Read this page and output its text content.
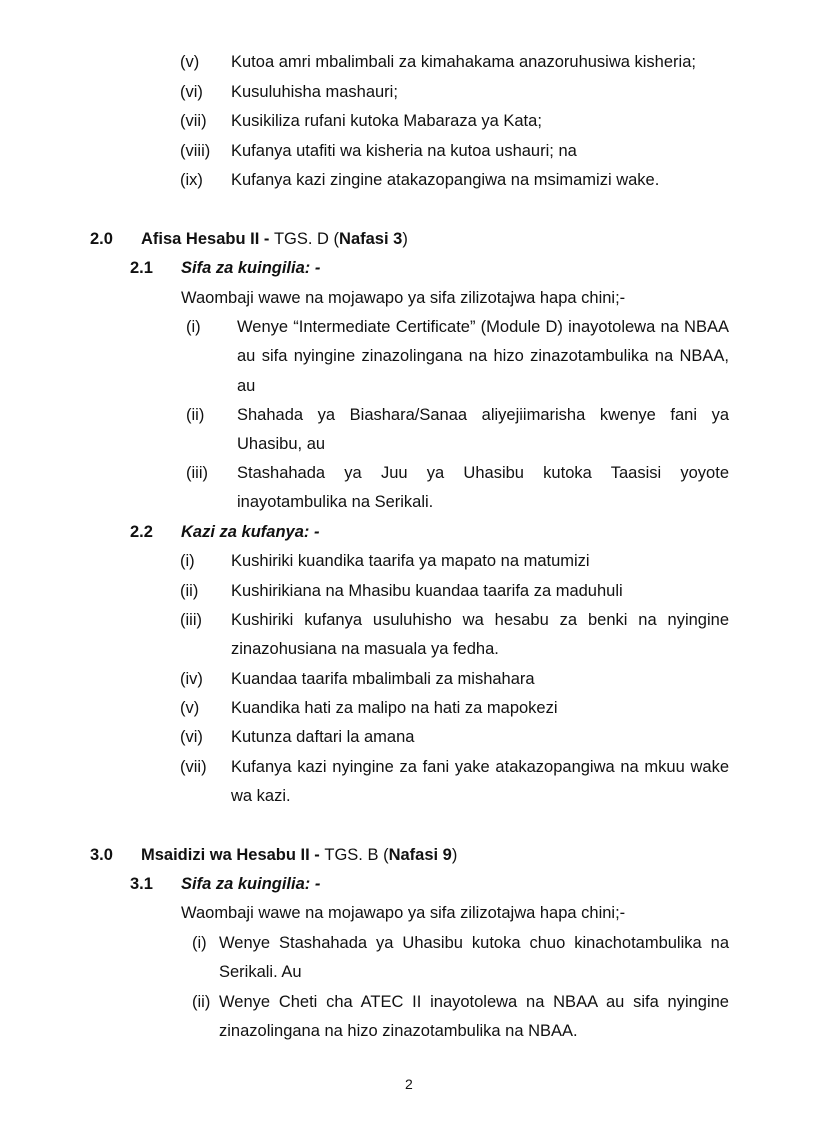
(v) Kutoa amri mbalimbali za kimahakama anazoruhusiwa kisheria;
(vi) Kusuluhisha mashauri;
(vii) Kusikiliza rufani kutoka Mabaraza ya Kata;
(viii) Kufanya utafiti wa kisheria na kutoa ushauri; na
(ix) Kufanya kazi zingine atakazopangiwa na msimamizi wake.
2.0 Afisa Hesabu II - TGS. D (Nafasi 3)
2.1 Sifa za kuingilia: -
Waombaji wawe na mojawapo ya sifa zilizotajwa hapa chini;-
(i) Wenye “Intermediate Certificate” (Module D) inayotolewa na NBAA au sifa nyingine zinazolingana na hizo zinazotambulika na NBAA, au
(ii) Shahada ya Biashara/Sanaa aliyejiimarisha kwenye fani ya Uhasibu, au
(iii) Stashahada ya Juu ya Uhasibu kutoka Taasisi yoyote inayotambulika na Serikali.
2.2 Kazi za kufanya: -
(i) Kushiriki kuandika taarifa ya mapato na matumizi
(ii) Kushirikiana na Mhasibu kuandaa taarifa za maduhuli
(iii) Kushiriki kufanya usuluhisho wa hesabu za benki na nyingine zinazohusiana na masuala ya fedha.
(iv) Kuandaa taarifa mbalimbali za mishahara
(v) Kuandika hati za malipo na hati za mapokezi
(vi) Kutunza daftari la amana
(vii) Kufanya kazi nyingine za fani yake atakazopangiwa na mkuu wake wa kazi.
3.0 Msaidizi wa Hesabu II - TGS. B (Nafasi 9)
3.1 Sifa za kuingilia: -
Waombaji wawe na mojawapo ya sifa zilizotajwa hapa chini;-
(i) Wenye Stashahada ya Uhasibu kutoka chuo kinachotambulika na Serikali. Au
(ii) Wenye Cheti cha ATEC II inayotolewa na NBAA au sifa nyingine zinazolingana na hizo zinazotambulika na NBAA.
2
